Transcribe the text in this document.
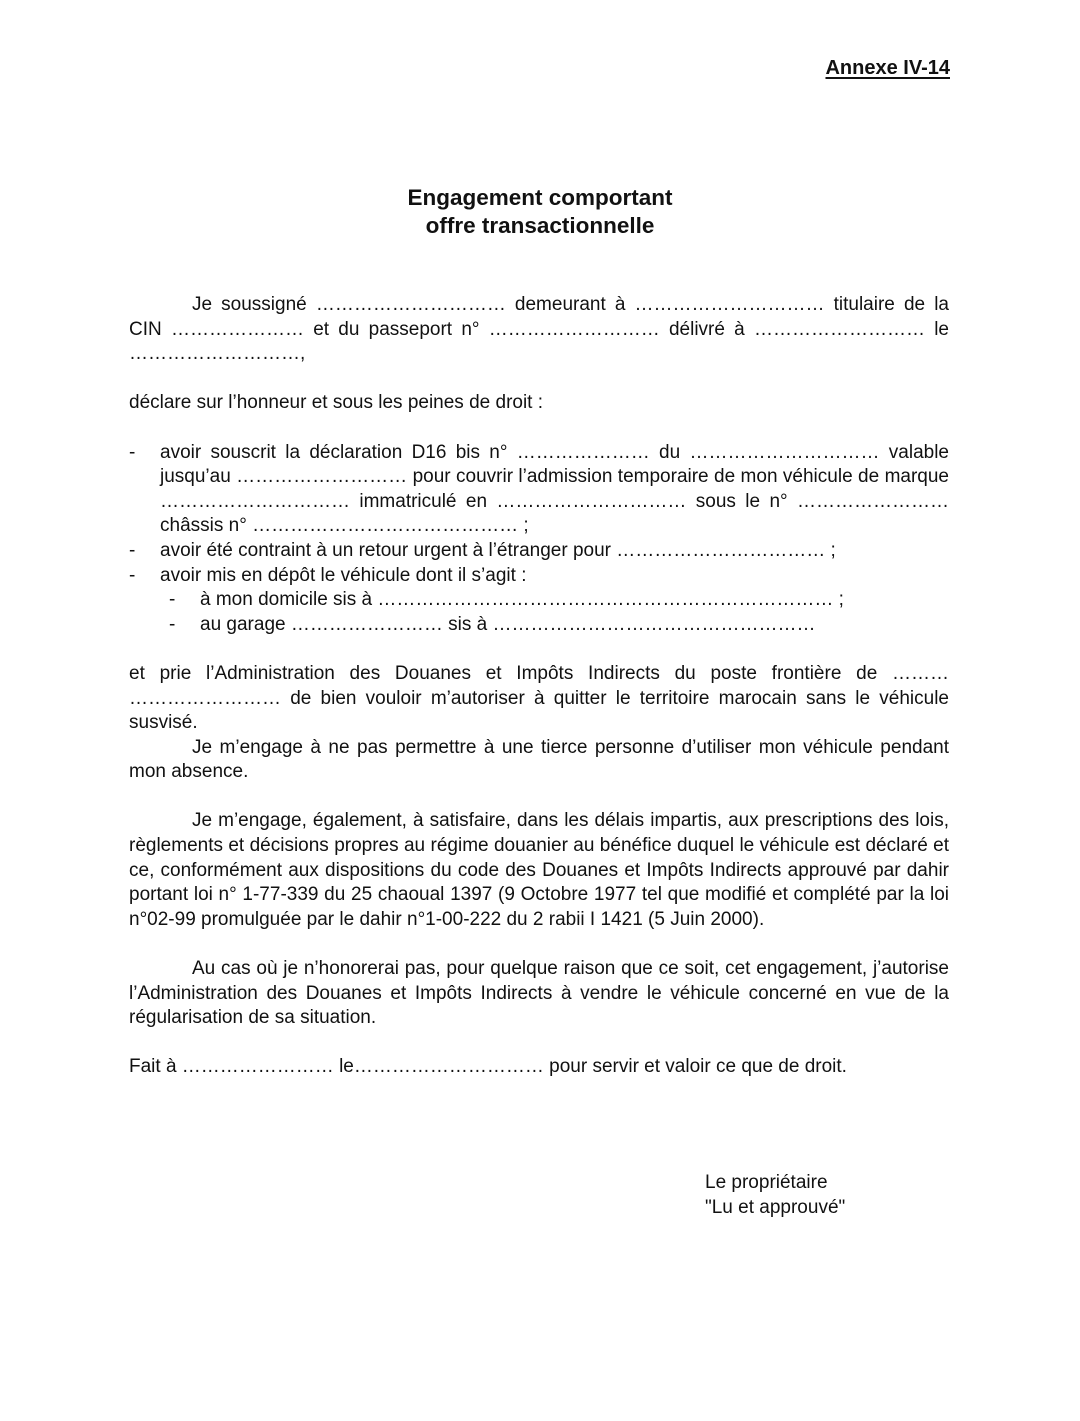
Annexe IV-14
Engagement comportant
offre transactionnelle

Je soussigné ………………………… demeurant à ………………………… titulaire de la CIN ………………… et du passeport n° ……………………… délivré à ……………………… le ………………………,

déclare sur l’honneur et sous les peines de droit :

- avoir souscrit la déclaration D16 bis n° ………………… du ………………………… valable jusqu’au ……………………… pour couvrir l’admission temporaire de mon véhicule de marque ………………………… immatriculé en ………………………… sous le n° …………………… châssis n° …………………………………… ;
- avoir été contraint à un retour urgent à l’étranger pour …………………………… ;
- avoir mis en dépôt le véhicule dont il s’agit :
- à mon domicile sis à ……………………………………………………………… ;
- au garage …………………… sis à ……………………………………………

et prie l’Administration des Douanes et Impôts Indirects du poste frontière de ……… …………………… de bien vouloir m’autoriser à quitter le territoire marocain sans le véhicule susvisé.

Je m’engage à ne pas permettre à une tierce personne d’utiliser mon véhicule pendant mon absence.

Je m’engage, également, à satisfaire, dans les délais impartis, aux prescriptions des lois, règlements et décisions propres au régime douanier au bénéfice duquel le véhicule est déclaré et ce, conformément aux dispositions du code des Douanes et Impôts Indirects approuvé par dahir portant loi n° 1-77-339 du 25 chaoual 1397 (9 Octobre 1977 tel que modifié et complété par la loi n°02-99 promulguée par le dahir n°1-00-222 du 2 rabii I 1421 (5 Juin 2000).

Au cas où je n’honorerai pas, pour quelque raison que ce soit, cet engagement, j’autorise l’Administration des Douanes et Impôts Indirects à vendre le véhicule concerné en vue de la régularisation de sa situation.

Fait à …………………… le………………………… pour servir et valoir ce que de droit.

Le propriétaire
"Lu et approuvé"
